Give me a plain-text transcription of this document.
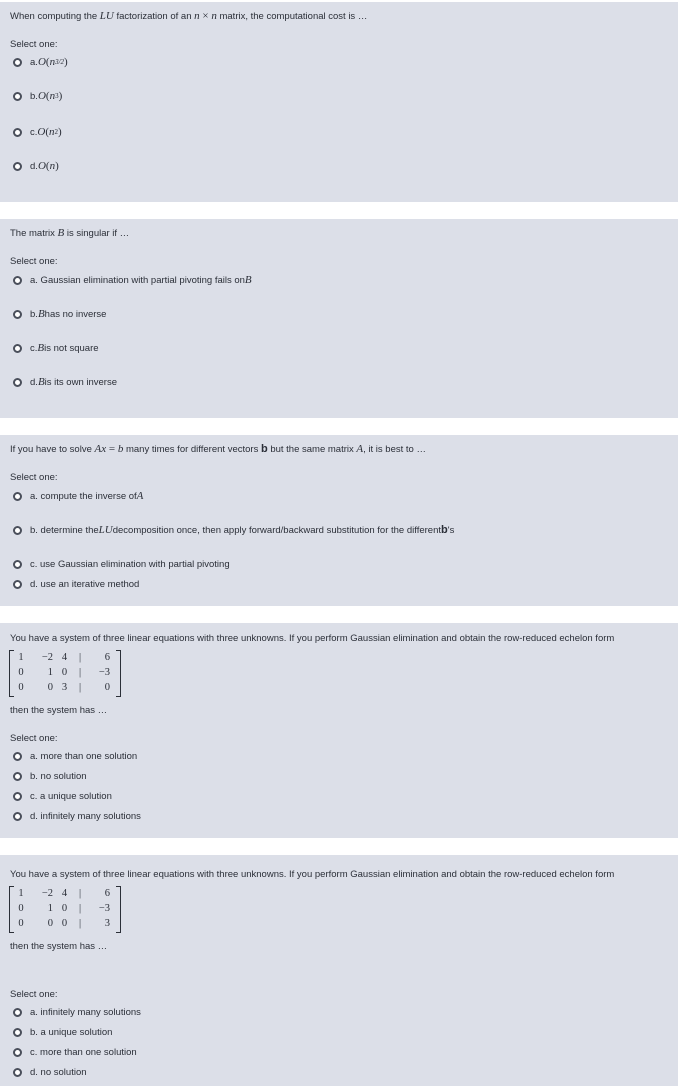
When computing the LU factorization of an n × n matrix, the computational cost is …
Select one:
a. O ( n 3/2 )
b. O ( n 3 )
c. O ( n 2 )
d. O ( n )
The matrix B is singular if …
Select one:
a. Gaussian elimination with partial pivoting fails on B
b. B has no inverse
c. B is not square
d. B is its own inverse
If you have to solve Ax = b many times for different vectors b but the same matrix A, it is best to …
Select one:
a. compute the inverse of A
b. determine the LU decomposition once, then apply forward/backward substitution for the different b 's
c. use Gaussian elimination with partial pivoting
d. use an iterative method
You have a system of three linear equations with three unknowns. If you perform Gaussian elimination and obtain the row-reduced echelon form
1	−2	4	|	6
0	1	0	|	−3
0	0	3	|	0
then the system has …
Select one:
a. more than one solution
b. no solution
c. a unique solution
d. infinitely many solutions
You have a system of three linear equations with three unknowns. If you perform Gaussian elimination and obtain the row-reduced echelon form
1	−2	4	|	6
0	1	0	|	−3
0	0	0	|	3
then the system has …
Select one:
a. infinitely many solutions
b. a unique solution
c. more than one solution
d. no solution
